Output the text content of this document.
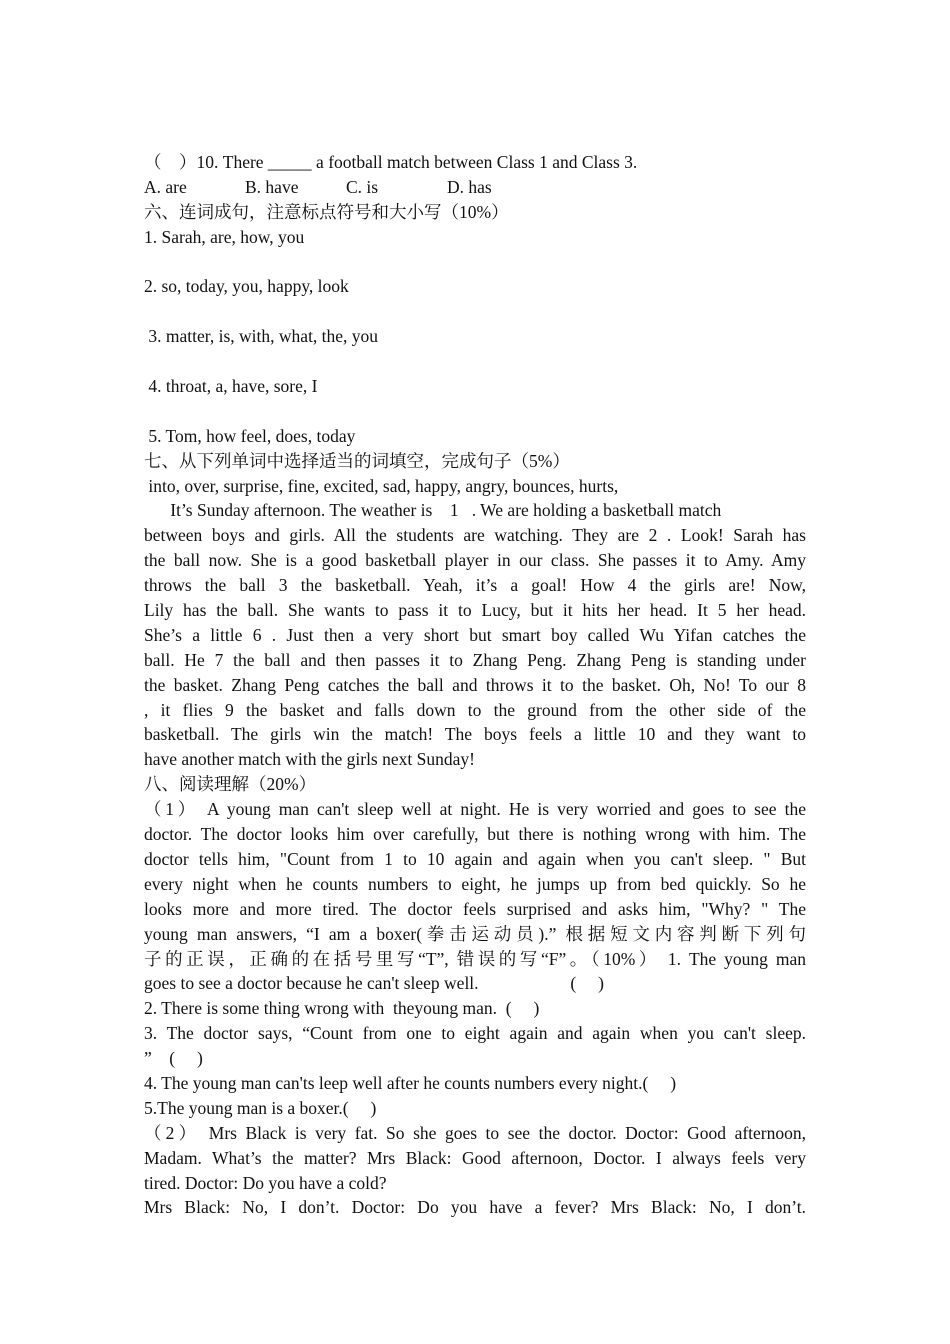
（    ）10. There _____ a football match between Class 1 and Class 3.
A. are	B. have	C. is	D. has
六、连词成句，注意标点符号和大小写（10%）
1. Sarah, are, how, you
2. so, today, you, happy, look
3. matter, is, with, what, the, you
4. throat, a, have, sore, I
5. Tom, how feel, does, today
七、从下列单词中选择适当的词填空，完成句子（5%）
into, over, surprise, fine, excited, sad, happy, angry, bounces, hurts,
It’s Sunday afternoon. The weather is    1   . We are holding a basketball match
between boys and girls. All the students are watching. They are 2 . Look! Sarah has
the ball now. She is a good basketball player in our class. She passes it to Amy. Amy
throws the ball 3 the basketball. Yeah, it’s a goal! How 4 the girls are! Now,
Lily has the ball. She wants to pass it to Lucy, but it hits her head. It 5 her head.
She’s a little 6 . Just then a very short but smart boy called Wu Yifan catches the
ball. He 7 the ball and then passes it to Zhang Peng. Zhang Peng is standing under
the basket. Zhang Peng catches the ball and throws it to the basket. Oh, No! To our 8
, it flies 9 the basket and falls down to the ground from the other side of the
basketball. The girls win the match! The boys feels a little 10 and they want to
have another match with the girls next Sunday!
八、阅读理解（20%）
（1） A young man can't sleep well at night. He is very worried and goes to see the
doctor. The doctor looks him over carefully, but there is nothing wrong with him. The
doctor tells him, "Count from 1 to 10 again and again when you can't sleep. " But
every night when he counts numbers to eight, he jumps up from bed quickly. So he
looks more and more tired. The doctor feels surprised and asks him, "Why? " The
young man answers, “I am a boxer(拳击运动员).” 根据短文内容判断下列句
子的正误，正确的在括号里写“T”, 错误的写“F”。（10%） 1. The young man
goes to see a doctor because he can't sleep well.                     (     )
2. There is some thing wrong with  theyoung man.  (     )
3. The doctor says, “Count from one to eight again and again when you can't sleep.
”    (     )
4. The young man can'ts leep well after he counts numbers every night.(     )
5.The young man is a boxer.(     )
（2） Mrs Black is very fat. So she goes to see the doctor. Doctor: Good afternoon,
Madam. What’s the matter? Mrs Black: Good afternoon, Doctor. I always feels very
tired. Doctor: Do you have a cold?
Mrs Black: No, I don’t. Doctor: Do you have a fever? Mrs Black: No, I don’t.
